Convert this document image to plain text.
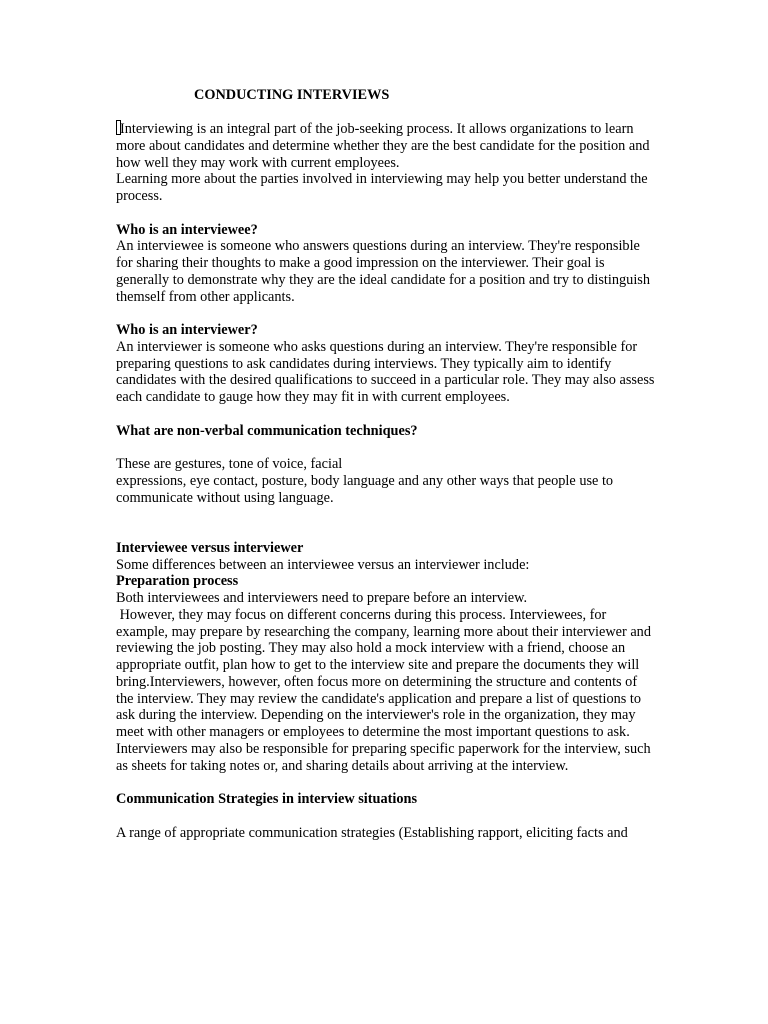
CONDUCTING INTERVIEWS

Interviewing is an integral part of the job-seeking process. It allows organizations to learn more about candidates and determine whether they are the best candidate for the position and how well they may work with current employees.

Learning more about the parties involved in interviewing may help you better understand the process.

Who is an interviewee?

An interviewee is someone who answers questions during an interview. They're responsible for sharing their thoughts to make a good impression on the interviewer. Their goal is generally to demonstrate why they are the ideal candidate for a position and try to distinguish themself from other applicants.

Who is an interviewer?

An interviewer is someone who asks questions during an interview. They're responsible for preparing questions to ask candidates during interviews. They typically aim to identify candidates with the desired qualifications to succeed in a particular role. They may also assess each candidate to gauge how they may fit in with current employees.

What are non-verbal communication techniques?

These are gestures, tone of voice, facial

expressions, eye contact, posture, body language and any other ways that people use to communicate without using language.

Interviewee versus interviewer

Some differences between an interviewee versus an interviewer include:

Preparation process

Both interviewees and interviewers need to prepare before an interview.

However, they may focus on different concerns during this process. Interviewees, for example, may prepare by researching the company, learning more about their interviewer and reviewing the job posting. They may also hold a mock interview with a friend, choose an appropriate outfit, plan how to get to the interview site and prepare the documents they will bring.Interviewers, however, often focus more on determining the structure and contents of the interview. They may review the candidate's application and prepare a list of questions to ask during the interview. Depending on the interviewer's role in the organization, they may meet with other managers or employees to determine the most important questions to ask. Interviewers may also be responsible for preparing specific paperwork for the interview, such as sheets for taking notes or, and sharing details about arriving at the interview.

Communication Strategies in interview situations

A range of appropriate communication strategies (Establishing rapport, eliciting facts and
